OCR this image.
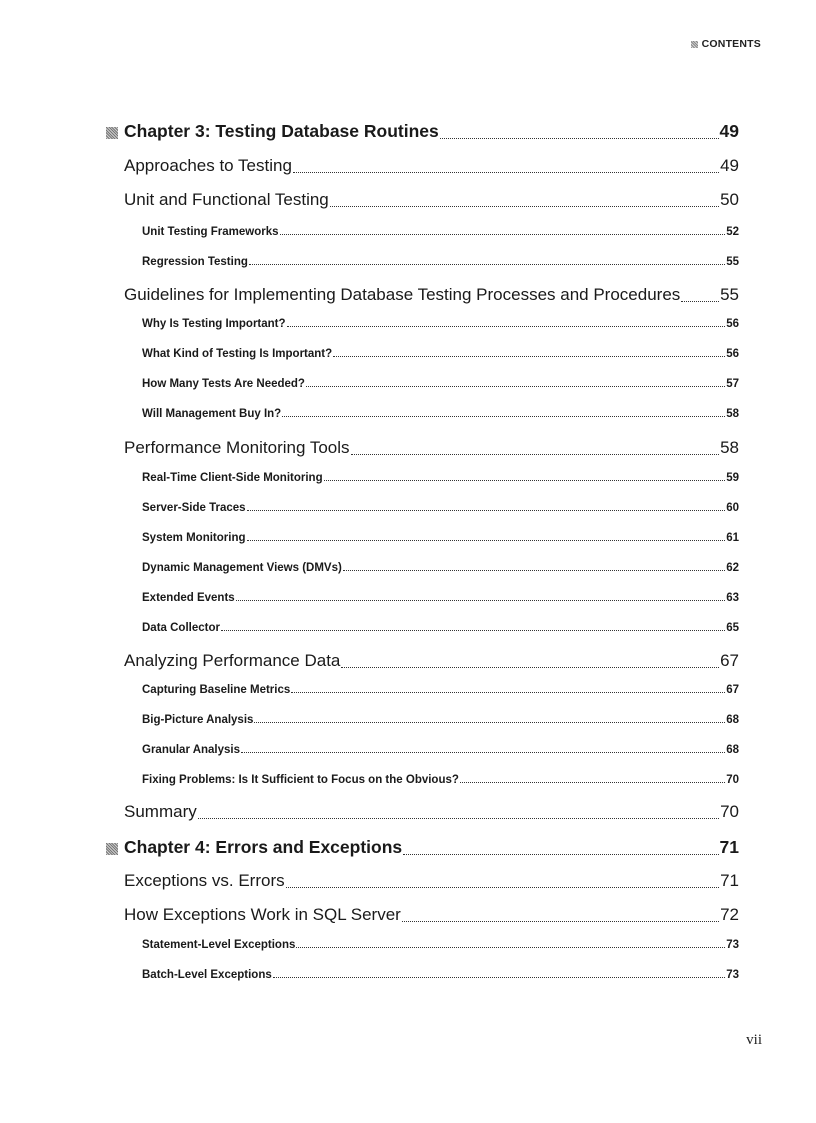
CONTENTS
Chapter 3: Testing Database Routines	49
Approaches to Testing	49
Unit and Functional Testing	50
Unit Testing Frameworks	52
Regression Testing	55
Guidelines for Implementing Database Testing Processes and Procedures 55
Why Is Testing Important?	56
What Kind of Testing Is Important?	56
How Many Tests Are Needed?	57
Will Management Buy In?	58
Performance Monitoring Tools	58
Real-Time Client-Side Monitoring	59
Server-Side Traces	60
System Monitoring	61
Dynamic Management Views (DMVs)	62
Extended Events	63
Data Collector	65
Analyzing Performance Data	67
Capturing Baseline Metrics	67
Big-Picture Analysis	68
Granular Analysis	68
Fixing Problems: Is It Sufficient to Focus on the Obvious?	70
Summary	70
Chapter 4: Errors and Exceptions	71
Exceptions vs. Errors	71
How Exceptions Work in SQL Server	72
Statement-Level Exceptions	73
Batch-Level Exceptions	73
vii
